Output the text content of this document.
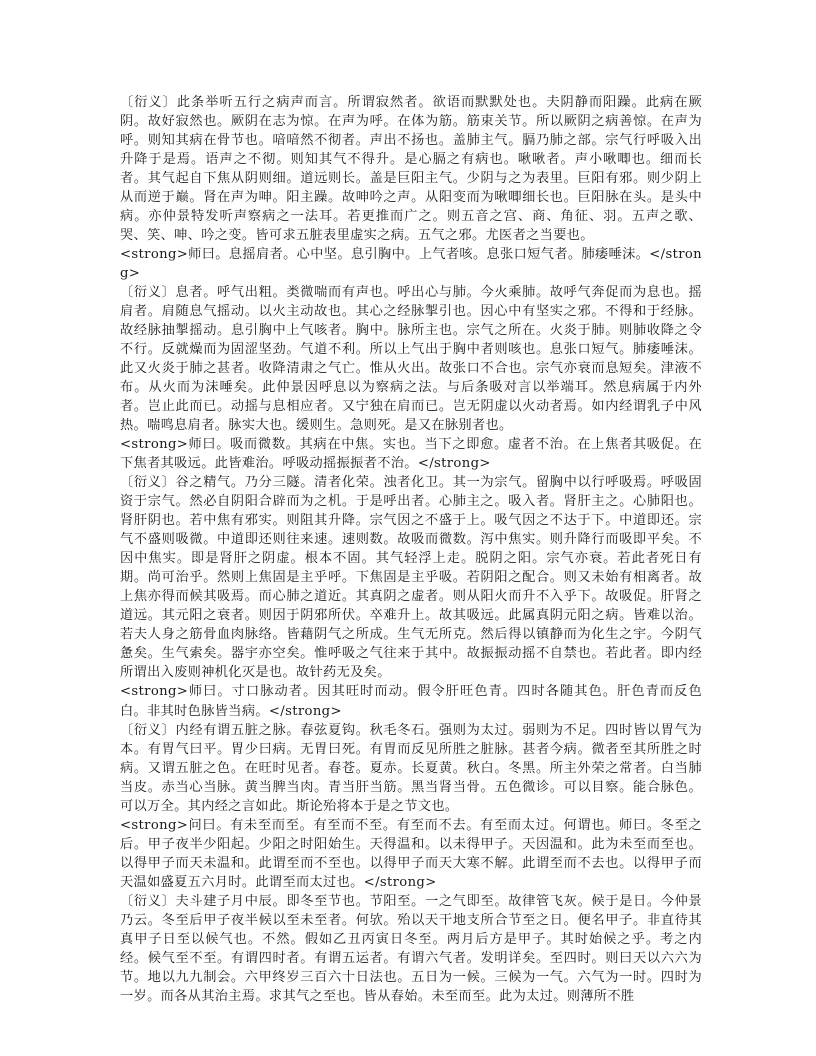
〔衍义〕此条举听五行之病声而言。所谓寂然者。欲语而默默处也。夫阴静而阳躁。此病在厥阴。故好寂然也。厥阴在志为惊。在声为呼。在体为筋。筋束关节。所以厥阴之病善惊。在声为呼。则知其病在骨节也。喑喑然不彻者。声出不扬也。盖肺主气。膈乃肺之部。宗气行呼吸入出升降于是焉。语声之不彻。则知其气不得升。是心膈之有病也。啾啾者。声小啾唧也。细而长者。其气起自下焦从阴则细。道远则长。盖是巨阳主气。少阴与之为表里。巨阳有邪。则少阴上从而逆于巅。肾在声为呻。阳主躁。故呻吟之声。从阳变而为啾唧细长也。巨阳脉在头。是头中病。亦仲景特发听声察病之一法耳。若更推而广之。则五音之宫、商、角征、羽。五声之歌、哭、笑、呻、吟之变。皆可求五脏表里虚实之病。五气之邪。尤医者之当要也。

<strong>师曰。息摇肩者。心中坚。息引胸中。上气者咳。息张口短气者。肺痿唾沫。</strong>

〔衍义〕息者。呼气出粗。类微喘而有声也。呼出心与肺。今火乘肺。故呼气奔促而为息也。摇肩者。肩随息气摇动。以火主动故也。其心之经脉掣引也。因心中有坚实之邪。不得和于经脉。故经脉抽掣摇动。息引胸中上气咳者。胸中。脉所主也。宗气之所在。火炎于肺。则肺收降之令不行。反就燥而为固涩坚劲。气道不利。所以上气出于胸中者则咳也。息张口短气。肺痿唾沫。此又火炎于肺之甚者。收降清肃之气亡。惟从火出。故张口不合也。宗气亦衰而息短矣。津液不布。从火而为沫唾矣。此仲景因呼息以为察病之法。与后条吸对言以举端耳。然息病属于内外者。岂止此而已。动摇与息相应者。又宁独在肩而已。岂无阴虚以火动者焉。如内经谓乳子中风热。喘鸣息肩者。脉实大也。缓则生。急则死。是又在脉别者也。

<strong>师曰。吸而微数。其病在中焦。实也。当下之即愈。虚者不治。在上焦者其吸促。在下焦者其吸远。此皆难治。呼吸动摇振振者不治。</strong>

〔衍义〕谷之精气。乃分三隧。清者化荣。浊者化卫。其一为宗气。留胸中以行呼吸焉。呼吸固资于宗气。然必自阴阳合辟而为之机。于是呼出者。心肺主之。吸入者。肾肝主之。心肺阳也。肾肝阴也。若中焦有邪实。则阻其升降。宗气因之不盛于上。吸气因之不达于下。中道即还。宗气不盛则吸微。中道即还则往来速。速则数。故吸而微数。泻中焦实。则升降行而吸即平矣。不因中焦实。即是肾肝之阴虚。根本不固。其气轻浮上走。脱阴之阳。宗气亦衰。若此者死日有期。尚可治乎。然则上焦固是主乎呼。下焦固是主乎吸。若阴阳之配合。则又未始有相离者。故上焦亦得而候其吸焉。而心肺之道近。其真阴之虚者。则从阳火而升不入乎下。故吸促。肝肾之道远。其元阳之衰者。则因于阴邪所伏。卒难升上。故其吸远。此属真阴元阳之病。皆难以治。若夫人身之筋骨血肉脉络。皆藉阴气之所成。生气无所克。然后得以镇静而为化生之宇。今阴气惫矣。生气索矣。器宇亦空矣。惟呼吸之气往来于其中。故振振动摇不自禁也。若此者。即内经所谓出入废则神机化灭是也。故针药无及矣。

<strong>师曰。寸口脉动者。因其旺时而动。假令肝旺色青。四时各随其色。肝色青而反色白。非其时色脉皆当病。</strong>

〔衍义〕内经有谓五脏之脉。春弦夏钩。秋毛冬石。强则为太过。弱则为不足。四时皆以胃气为本。有胃气曰平。胃少曰病。无胃曰死。有胃而反见所胜之脏脉。甚者今病。微者至其所胜之时病。又谓五脏之色。在旺时见者。春苍。夏赤。长夏黄。秋白。冬黑。所主外荣之常者。白当肺当皮。赤当心当脉。黄当脾当肉。青当肝当筋。黑当肾当骨。五色微诊。可以目察。能合脉色。可以万全。其内经之言如此。斯论殆将本于是之节文也。

<strong>问曰。有未至而至。有至而不至。有至而不去。有至而太过。何谓也。师曰。冬至之后。甲子夜半少阳起。少阳之时阳始生。天得温和。以未得甲子。天因温和。此为未至而至也。以得甲子而天未温和。此谓至而不至也。以得甲子而天大寒不解。此谓至而不去也。以得甲子而天温如盛夏五六月时。此谓至而太过也。</strong>

〔衍义〕夫斗建子月中辰。即冬至节也。节阳至。一之气即至。故律管飞灰。候于是日。今仲景乃云。冬至后甲子夜半候以至未至者。何欤。殆以天干地支所合节至之日。便名甲子。非直待其真甲子日至以候气也。不然。假如乙丑丙寅日冬至。两月后方是甲子。其时始候之乎。考之内经。候气至不至。有谓四时者。有谓五运者。有谓六气者。发明详矣。至四时。则曰天以六六为节。地以九九制会。六甲终岁三百六十日法也。五日为一候。三候为一气。六气为一时。四时为一岁。而各从其治主焉。求其气之至也。皆从春始。未至而至。此为太过。则薄所不胜
